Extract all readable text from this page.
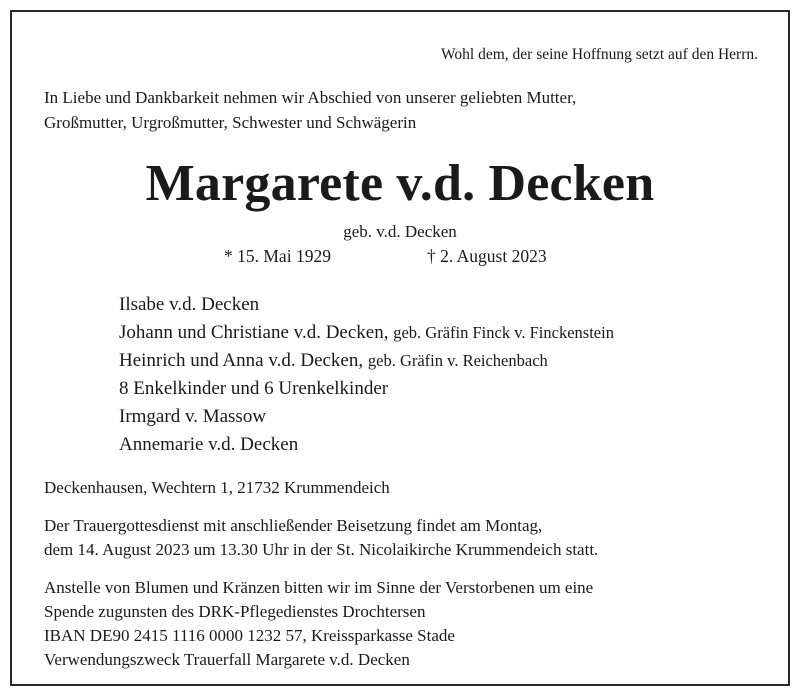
Wohl dem, der seine Hoffnung setzt auf den Herrn.
In Liebe und Dankbarkeit nehmen wir Abschied von unserer geliebten Mutter,
Großmutter, Urgroßmutter, Schwester und Schwägerin
Margarete v.d. Decken
geb. v.d. Decken
* 15. Mai 1929	† 2. August 2023
Ilsabe v.d. Decken
Johann und Christiane v.d. Decken, geb. Gräfin Finck v. Finckenstein
Heinrich und Anna v.d. Decken, geb. Gräfin v. Reichenbach
8 Enkelkinder und 6 Urenkelkinder
Irmgard v. Massow
Annemarie v.d. Decken
Deckenhausen, Wechtern 1, 21732 Krummendeich
Der Trauergottesdienst mit anschließender Beisetzung findet am Montag,
dem 14. August 2023 um 13.30 Uhr in der St. Nicolaikirche Krummendeich statt.
Anstelle von Blumen und Kränzen bitten wir im Sinne der Verstorbenen um eine
Spende zugunsten des DRK-Pflegedienstes Drochtersen
IBAN DE90 2415 1116 0000 1232 57, Kreissparkasse Stade
Verwendungszweck Trauerfall Margarete v.d. Decken
